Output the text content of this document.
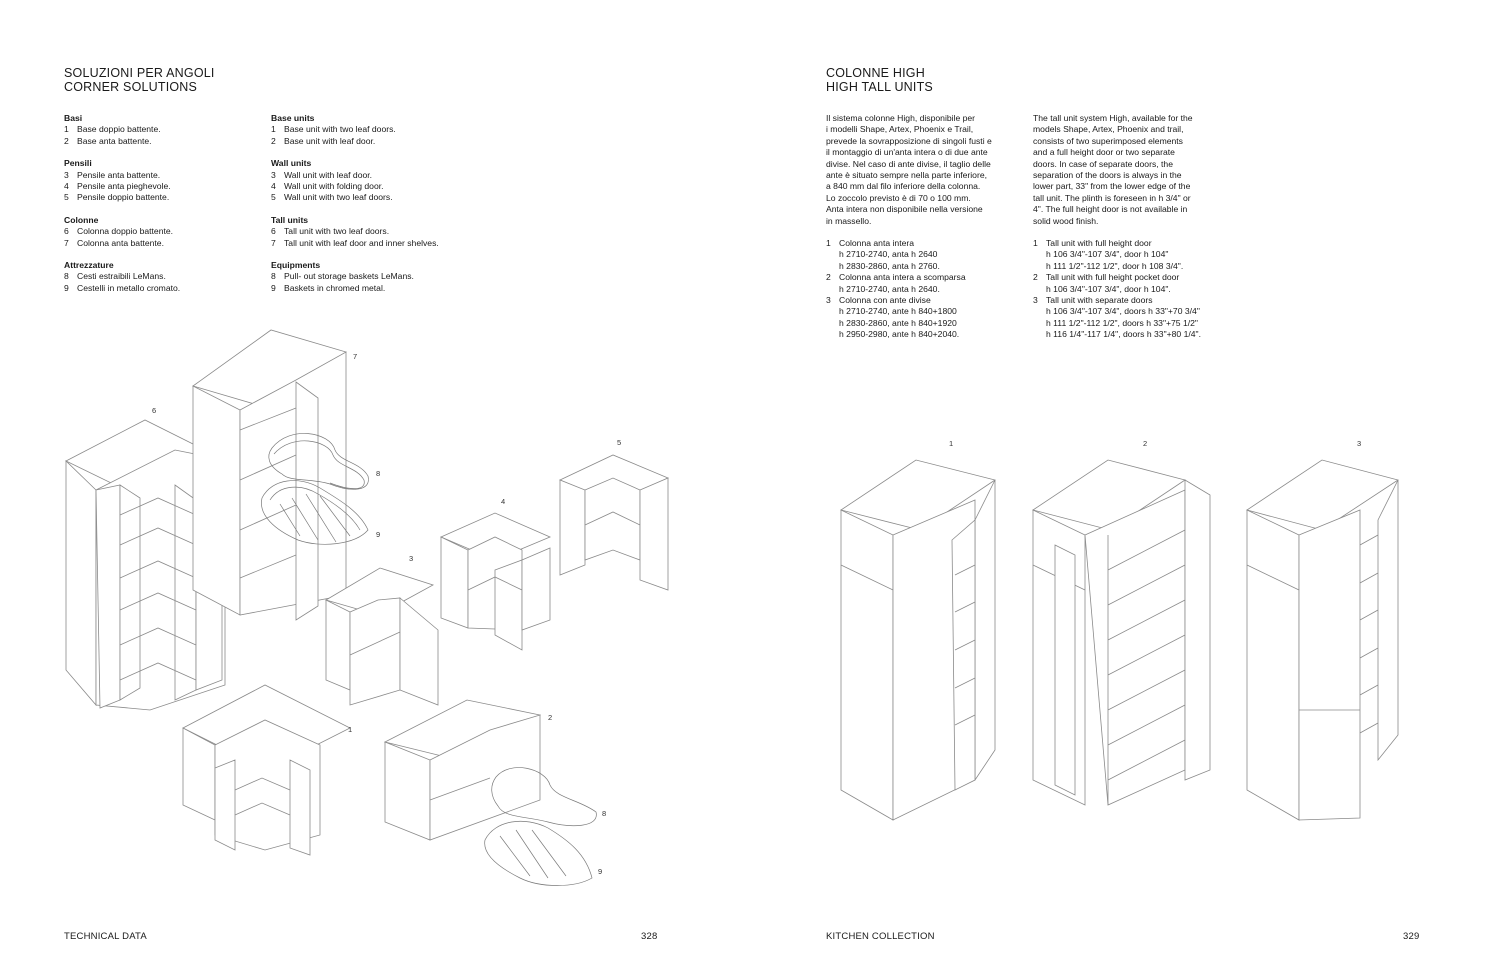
SOLUZIONI PER ANGOLI
CORNER SOLUTIONS
Basi
1 Base doppio battente.
2 Base anta battente.
Pensili
3 Pensile anta battente.
4 Pensile anta pieghevole.
5 Pensile doppio battente.
Colonne
6 Colonna doppio battente.
7 Colonna anta battente.
Attrezzature
8 Cesti estraibili LeMans.
9 Cestelli in metallo cromato.
Base units
1 Base unit with two leaf doors.
2 Base unit with leaf door.
Wall units
3 Wall unit with leaf door.
4 Wall unit with folding door.
5 Wall unit with two leaf doors.
Tall units
6 Tall unit with two leaf doors.
7 Tall unit with leaf door and inner shelves.
Equipments
8 Pull- out storage baskets LeMans.
9 Baskets in chromed metal.
COLONNE HIGH
HIGH TALL UNITS
Il sistema colonne High, disponibile per
i modelli Shape, Artex, Phoenix e Trail,
prevede la sovrapposizione di singoli fusti e
il montaggio di un'anta intera o di due ante
divise. Nel caso di ante divise, il taglio delle
ante è situato sempre nella parte inferiore,
a 840 mm dal filo inferiore della colonna.
Lo zoccolo previsto è di 70 o 100 mm.
Anta intera non disponibile nella versione
in massello.
The tall unit system High, available for the
models Shape, Artex, Phoenix and trail,
consists of two superimposed elements
and a full height door or two separate
doors. In case of separate doors, the
separation of the doors is always in the
lower part, 33" from the lower edge of the
tall unit. The plinth is foreseen in h 3/4" or
4". The full height door is not available in
solid wood finish.
1 Colonna anta intera
h 2710-2740, anta h 2640
h 2830-2860, anta h 2760.
2 Colonna anta intera a scomparsa
h 2710-2740, anta h 2640.
3 Colonna con ante divise
h 2710-2740, ante h 840+1800
h 2830-2860, ante h 840+1920
h 2950-2980, ante h 840+2040.
1 Tall unit with full height door
h 106 3/4"-107 3/4", door h 104"
h 111 1/2"-112 1/2", door h 108 3/4".
2 Tall unit with full height pocket door
h 106 3/4"-107 3/4", door h 104".
3 Tall unit with separate doors
h 106 3/4"-107 3/4", doors h 33"+70 3/4"
h 111 1/2"-112 1/2", doors h 33"+75 1/2"
h 116 1/4"-117 1/4", doors h 33"+80 1/4".
6
7
8
9
5
4
3
1
2
8
9
1	2	3
TECHNICAL DATA	328	KITCHEN COLLECTION	329
